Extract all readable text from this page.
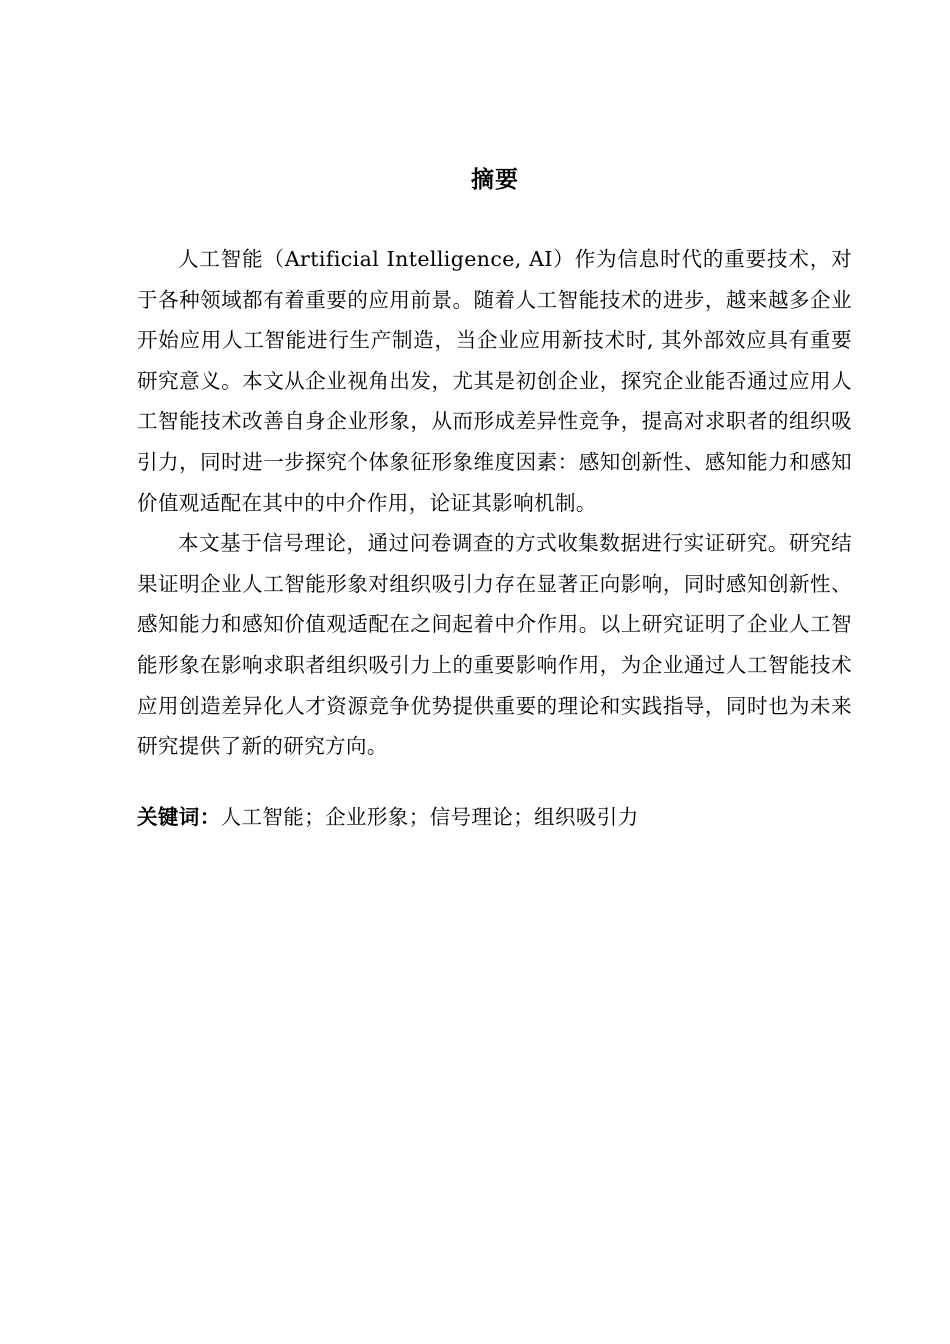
摘要

人工智能（Artificial Intelligence, AI）作为信息时代的重要技术，对于各种领域都有着重要的应用前景。随着人工智能技术的进步，越来越多企业开始应用人工智能进行生产制造，当企业应用新技术时, 其外部效应具有重要研究意义。本文从企业视角出发，尤其是初创企业，探究企业能否通过应用人工智能技术改善自身企业形象，从而形成差异性竞争，提高对求职者的组织吸引力，同时进一步探究个体象征形象维度因素：感知创新性、感知能力和感知价值观适配在其中的中介作用，论证其影响机制。

本文基于信号理论，通过问卷调查的方式收集数据进行实证研究。研究结果证明企业人工智能形象对组织吸引力存在显著正向影响，同时感知创新性、感知能力和感知价值观适配在之间起着中介作用。以上研究证明了企业人工智能形象在影响求职者组织吸引力上的重要影响作用，为企业通过人工智能技术应用创造差异化人才资源竞争优势提供重要的理论和实践指导，同时也为未来研究提供了新的研究方向。

关键词：人工智能；企业形象；信号理论；组织吸引力
